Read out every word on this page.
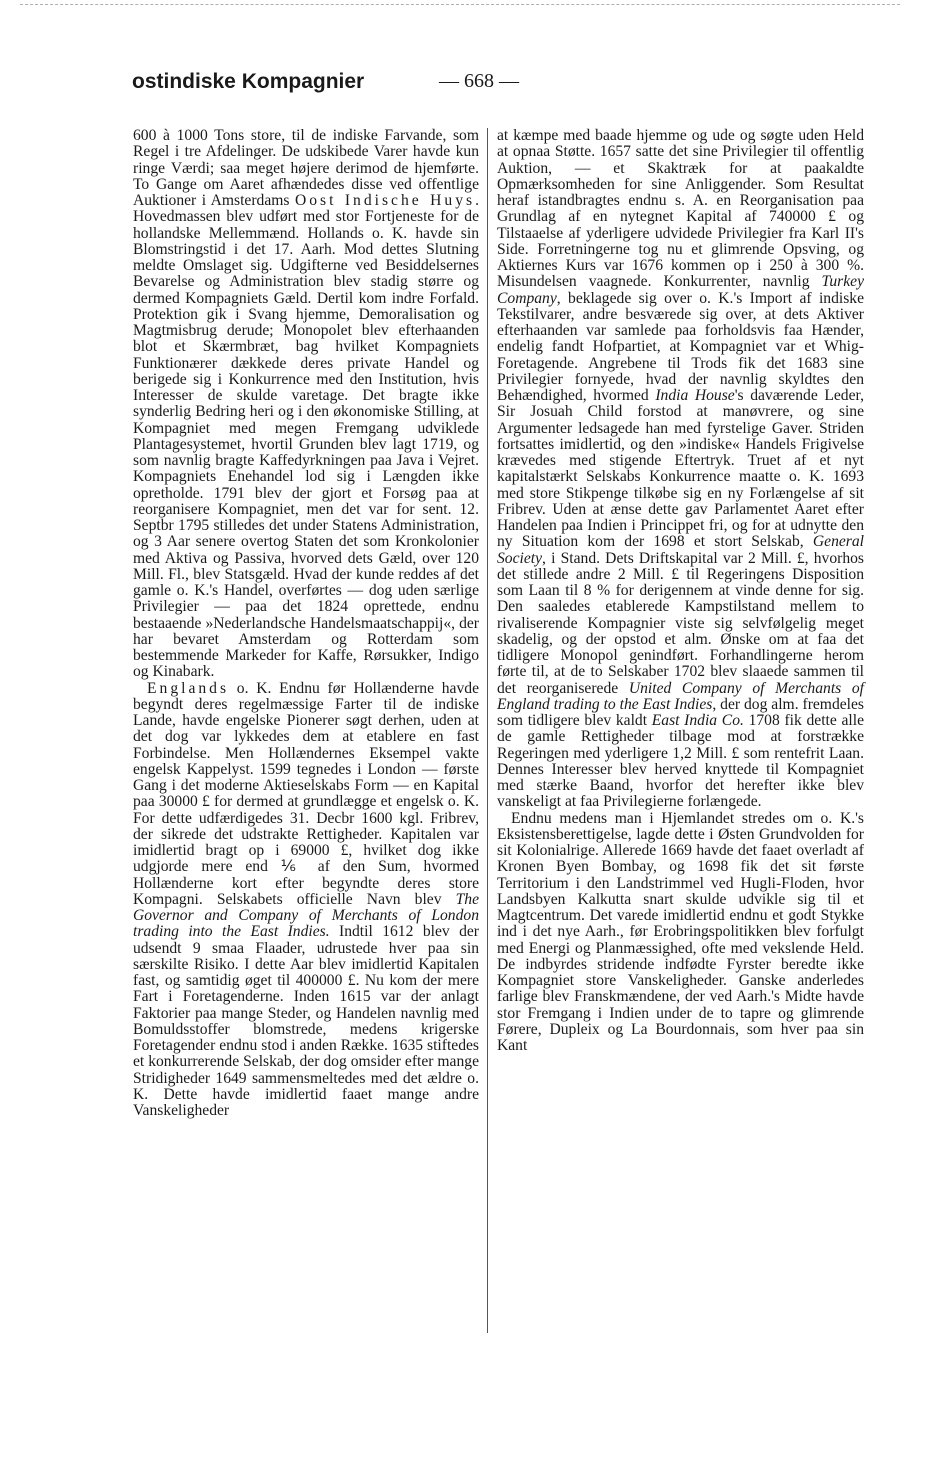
ostindiske Kompagnier	— 668 —

600 à 1000 Tons store, til de indiske Farvande, som Regel i tre Afdelinger. De udskibede Varer havde kun ringe Værdi; saa meget højere derimod de hjemførte. To Gange om Aaret afhændedes disse ved offentlige Auktioner i Amsterdams Oost Indische Huys. Hovedmassen blev udført med stor Fortjeneste for de hollandske Mellemmænd. Hollands o. K. havde sin Blomstringstid i det 17. Aarh. Mod dettes Slutning meldte Omslaget sig. Udgifterne ved Besiddelsernes Bevarelse og Administration blev stadig større og dermed Kompagniets Gæld. Dertil kom indre Forfald. Protektion gik i Svang hjemme, Demoralisation og Magtmisbrug derude; Monopolet blev efterhaanden blot et Skærmbræt, bag hvilket Kompagniets Funktionærer dækkede deres private Handel og berigede sig i Konkurrence med den Institution, hvis Interesser de skulde varetage. Det bragte ikke synderlig Bedring heri og i den økonomiske Stilling, at Kompagniet med megen Fremgang udviklede Plantagesystemet, hvortil Grunden blev lagt 1719, og som navnlig bragte Kaffedyrkningen paa Java i Vejret. Kompagniets Enehandel lod sig i Længden ikke opretholde. 1791 blev der gjort et Forsøg paa at reorganisere Kompagniet, men det var for sent. 12. Septbr 1795 stilledes det under Statens Administration, og 3 Aar senere overtog Staten det som Kronkolonier med Aktiva og Passiva, hvorved dets Gæld, over 120 Mill. Fl., blev Statsgæld. Hvad der kunde reddes af det gamle o. K.'s Handel, overførtes — dog uden særlige Privilegier — paa det 1824 oprettede, endnu bestaaende »Nederlandsche Handelsmaatschappij«, der har bevaret Amsterdam og Rotterdam som bestemmende Markeder for Kaffe, Rørsukker, Indigo og Kinabark.

Englands o. K. Endnu før Hollænderne havde begyndt deres regelmæssige Farter til de indiske Lande, havde engelske Pionerer søgt derhen, uden at det dog var lykkedes dem at etablere en fast Forbindelse. Men Hollændernes Eksempel vakte engelsk Kappelyst. 1599 tegnedes i London — første Gang i det moderne Aktieselskabs Form — en Kapital paa 30000 £ for dermed at grundlægge et engelsk o. K. For dette udfærdigedes 31. Decbr 1600 kgl. Fribrev, der sikrede det udstrakte Rettigheder. Kapitalen var imidlertid bragt op i 69000 £, hvilket dog ikke udgjorde mere end ⅙ af den Sum, hvormed Hollænderne kort efter begyndte deres store Kompagni. Selskabets officielle Navn blev The Governor and Company of Merchants of London trading into the East Indies. Indtil 1612 blev der udsendt 9 smaa Flaader, udrustede hver paa sin særskilte Risiko. I dette Aar blev imidlertid Kapitalen fast, og samtidig øget til 400000 £. Nu kom der mere Fart i Foretagenderne. Inden 1615 var der anlagt Faktorier paa mange Steder, og Handelen navnlig med Bomuldsstoffer blomstrede, medens krigerske Foretagender endnu stod i anden Række. 1635 stiftedes et konkurrerende Selskab, der dog omsider efter mange Stridigheder 1649 sammensmeltedes med det ældre o. K. Dette havde imidlertid faaet mange andre Vanskeligheder

at kæmpe med baade hjemme og ude og søgte uden Held at opnaa Støtte. 1657 satte det sine Privilegier til offentlig Auktion, — et Skaktræk for at paakaldte Opmærksomheden for sine Anliggender. Som Resultat heraf istandbragtes endnu s. A. en Reorganisation paa Grundlag af en nytegnet Kapital af 740000 £ og Tilstaaelse af yderligere udvidede Privilegier fra Karl II's Side. Forretningerne tog nu et glimrende Opsving, og Aktiernes Kurs var 1676 kommen op i 250 à 300 %. Misundelsen vaagnede. Konkurrenter, navnlig Turkey Company, beklagede sig over o. K.'s Import af indiske Tekstilvarer, andre besværede sig over, at dets Aktiver efterhaanden var samlede paa forholdsvis faa Hænder, endelig fandt Hofpartiet, at Kompagniet var et Whig-Foretagende. Angrebene til Trods fik det 1683 sine Privilegier fornyede, hvad der navnlig skyldtes den Behændighed, hvormed India House's daværende Leder, Sir Josuah Child forstod at manøvrere, og sine Argumenter ledsagede han med fyrstelige Gaver. Striden fortsattes imidlertid, og den »indiske« Handels Frigivelse krævedes med stigende Eftertryk. Truet af et nyt kapitalstærkt Selskabs Konkurrence maatte o. K. 1693 med store Stikpenge tilkøbe sig en ny Forlængelse af sit Fribrev. Uden at ænse dette gav Parlamentet Aaret efter Handelen paa Indien i Princippet fri, og for at udnytte den ny Situation kom der 1698 et stort Selskab, General Society, i Stand. Dets Driftskapital var 2 Mill. £, hvorhos det stillede andre 2 Mill. £ til Regeringens Disposition som Laan til 8 % for derigennem at vinde denne for sig. Den saaledes etablerede Kampstilstand mellem to rivaliserende Kompagnier viste sig selvfølgelig meget skadelig, og der opstod et alm. Ønske om at faa det tidligere Monopol genindført. Forhandlingerne herom førte til, at de to Selskaber 1702 blev slaaede sammen til det reorganiserede United Company of Merchants of England trading to the East Indies, der dog alm. fremdeles som tidligere blev kaldt East India Co. 1708 fik dette alle de gamle Rettigheder tilbage mod at forstrække Regeringen med yderligere 1,2 Mill. £ som rentefrit Laan. Dennes Interesser blev herved knyttede til Kompagniet med stærke Baand, hvorfor det herefter ikke blev vanskeligt at faa Privilegierne forlængede.

Endnu medens man i Hjemlandet stredes om o. K.'s Eksistensberettigelse, lagde dette i Østen Grundvolden for sit Kolonialrige. Allerede 1669 havde det faaet overladt af Kronen Byen Bombay, og 1698 fik det sit første Territorium i den Landstrimmel ved Hugli-Floden, hvor Landsbyen Kalkutta snart skulde udvikle sig til et Magtcentrum. Det varede imidlertid endnu et godt Stykke ind i det nye Aarh., før Erobringspolitikken blev forfulgt med Energi og Planmæssighed, ofte med vekslende Held. De indbyrdes stridende indfødte Fyrster beredte ikke Kompagniet store Vanskeligheder. Ganske anderledes farlige blev Franskmændene, der ved Aarh.'s Midte havde stor Fremgang i Indien under de to tapre og glimrende Førere, Dupleix og La Bourdonnais, som hver paa sin Kant
